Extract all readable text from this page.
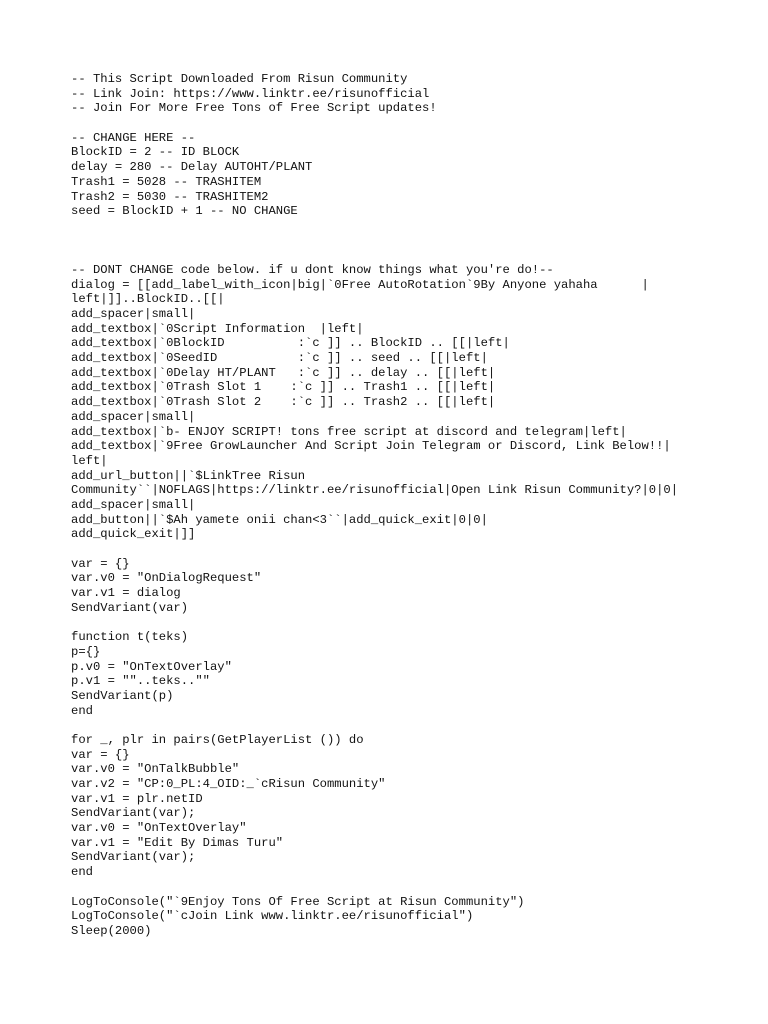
-- This Script Downloaded From Risun Community
-- Link Join: https://www.linktr.ee/risunofficial
-- Join For More Free Tons of Free Script updates!
-- CHANGE HERE --
BlockID = 2 -- ID BLOCK
delay = 280 -- Delay AUTOHT/PLANT
Trash1 = 5028 -- TRASHITEM
Trash2 = 5030 -- TRASHITEM2
seed = BlockID + 1 -- NO CHANGE
-- DONT CHANGE code below. if u dont know things what you're do!--
dialog = [[add_label_with_icon|big|`0Free AutoRotation`9By Anyone yahaha      |
left|]]..BlockID..[[|
add_spacer|small|
add_textbox|`0Script Information  |left|
add_textbox|`0BlockID          :`c ]] .. BlockID .. [[|left|
add_textbox|`0SeedID           :`c ]] .. seed .. [[|left|
add_textbox|`0Delay HT/PLANT   :`c ]] .. delay .. [[|left|
add_textbox|`0Trash Slot 1    :`c ]] .. Trash1 .. [[|left|
add_textbox|`0Trash Slot 2    :`c ]] .. Trash2 .. [[|left|
add_spacer|small|
add_textbox|`b- ENJOY SCRIPT! tons free script at discord and telegram|left|
add_textbox|`9Free GrowLauncher And Script Join Telegram or Discord, Link Below!!|
left|
add_url_button||`$LinkTree Risun
Community``|NOFLAGS|https://linktr.ee/risunofficial|Open Link Risun Community?|0|0|
add_spacer|small|
add_button||`$Ah yamete onii chan<3``|add_quick_exit|0|0|
add_quick_exit|]]
var = {}
var.v0 = "OnDialogRequest"
var.v1 = dialog
SendVariant(var)
function t(teks)
p={}
p.v0 = "OnTextOverlay"
p.v1 = ""..teks..""
SendVariant(p)
end
for _, plr in pairs(GetPlayerList ()) do
var = {}
var.v0 = "OnTalkBubble"
var.v2 = "CP:0_PL:4_OID:_`cRisun Community"
var.v1 = plr.netID
SendVariant(var);
var.v0 = "OnTextOverlay"
var.v1 = "Edit By Dimas Turu"
SendVariant(var);
end
LogToConsole("`9Enjoy Tons Of Free Script at Risun Community")
LogToConsole("`cJoin Link www.linktr.ee/risunofficial")
Sleep(2000)
